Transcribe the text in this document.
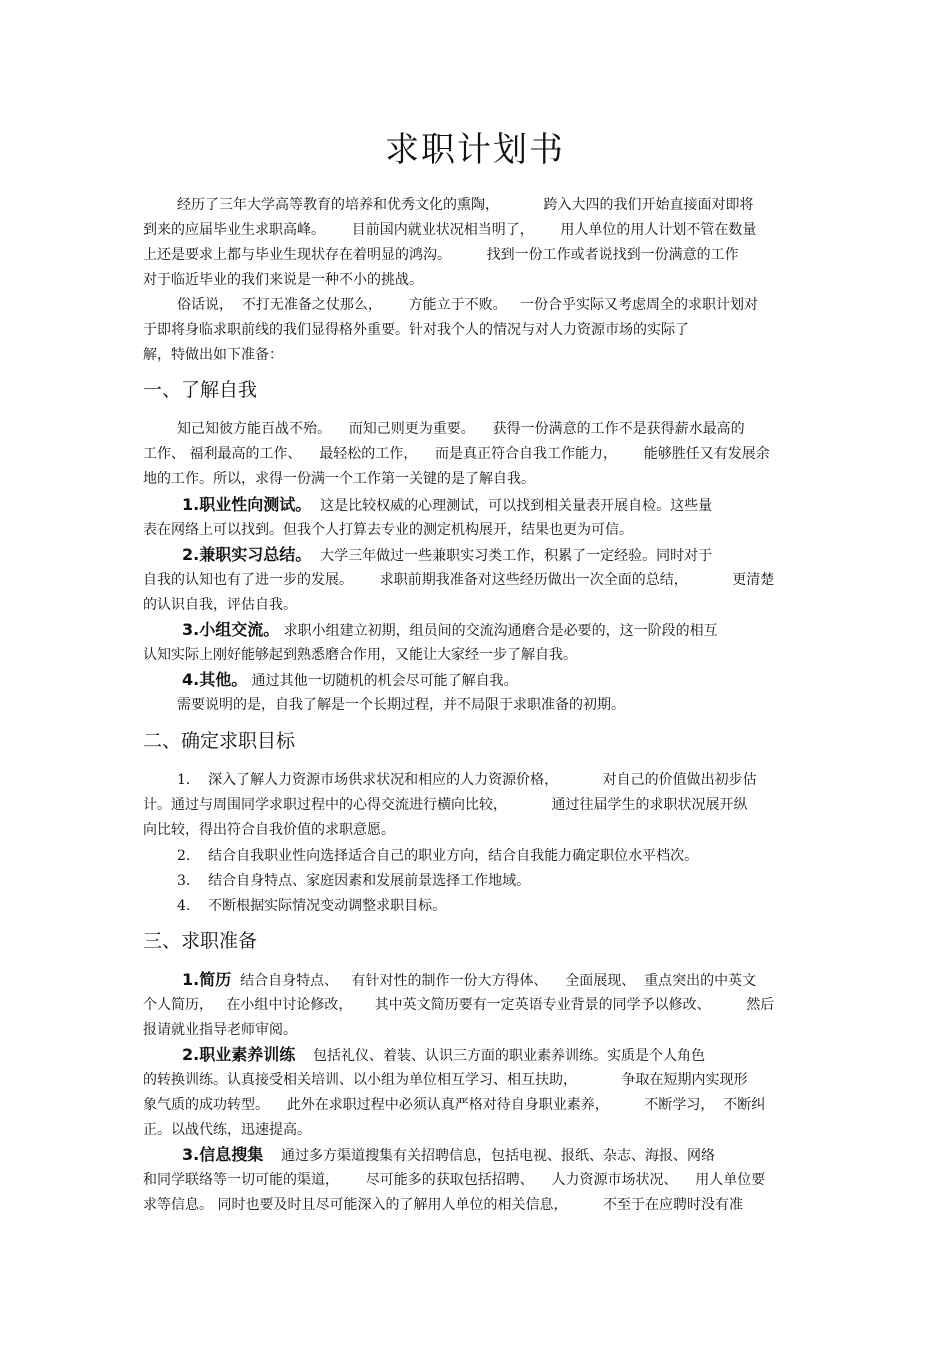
求职计划书
经历了三年大学高等教育的培养和优秀文化的熏陶，          跨入大四的我们开始直接面对即将
到来的应届毕业生求职高峰。      目前国内就业状况相当明了，      用人单位的用人计划不管在数量
上还是要求上都与毕业生现状存在着明显的鸿沟。        找到一份工作或者说找到一份满意的工作
对于临近毕业的我们来说是一种不小的挑战。
俗话说，  不打无准备之仗那么，      方能立于不败。   一份合乎实际又考虑周全的求职计划对
于即将身临求职前线的我们显得格外重要。针对我个人的情况与对人力资源市场的实际了
解，特做出如下准备：
一、了解自我
知己知彼方能百战不殆。    而知己则更为重要。    获得一份满意的工作不是获得薪水最高的
工作、 福利最高的工作、    最轻松的工作，    而是真正符合自我工作能力，      能够胜任又有发展余
地的工作。所以，求得一份满一个工作第一关键的是了解自我。
1.职业性向测试。  这是比较权威的心理测试，可以找到相关量表开展自检。这些量
表在网络上可以找到。但我个人打算去专业的测定机构展开，结果也更为可信。
2.兼职实习总结。  大学三年做过一些兼职实习类工作，积累了一定经验。同时对于
自我的认知也有了进一步的发展。      求职前期我准备对这些经历做出一次全面的总结，          更清楚
的认识自我，评估自我。
3.小组交流。 求职小组建立初期，组员间的交流沟通磨合是必要的，这一阶段的相互
认知实际上刚好能够起到熟悉磨合作用，又能让大家经一步了解自我。
4.其他。 通过其他一切随机的机会尽可能了解自我。
需要说明的是，自我了解是一个长期过程，并不局限于求职准备的初期。
二、确定求职目标
1.    深入了解人力资源市场供求状况和相应的人力资源价格，          对自己的价值做出初步估
计。通过与周围同学求职过程中的心得交流进行横向比较，          通过往届学生的求职状况展开纵
向比较，得出符合自我价值的求职意愿。
2.    结合自我职业性向选择适合自己的职业方向，结合自我能力确定职位水平档次。
3.    结合自身特点、家庭因素和发展前景选择工作地域。
4.    不断根据实际情况变动调整求职目标。
三、求职准备
1.简历  结合自身特点、   有针对性的制作一份大方得体、    全面展现、  重点突出的中英文
个人简历，   在小组中讨论修改，     其中英文简历要有一定英语专业背景的同学予以修改、        然后
报请就业指导老师审阅。
2.职业素养训练    包括礼仪、着装、认识三方面的职业素养训练。实质是个人角色
的转换训练。认真接受相关培训、以小组为单位相互学习、相互扶助，          争取在短期内实现形
象气质的成功转型。    此外在求职过程中必须认真严格对待自身职业素养，        不断学习，  不断纠
正。以战代练，迅速提高。
3.信息搜集    通过多方渠道搜集有关招聘信息，包括电视、报纸、杂志、海报、网络
和同学联络等一切可能的渠道，      尽可能多的获取包括招聘、    人力资源市场状况、    用人单位要
求等信息。 同时也要及时且尽可能深入的了解用人单位的相关信息，        不至于在应聘时没有准
